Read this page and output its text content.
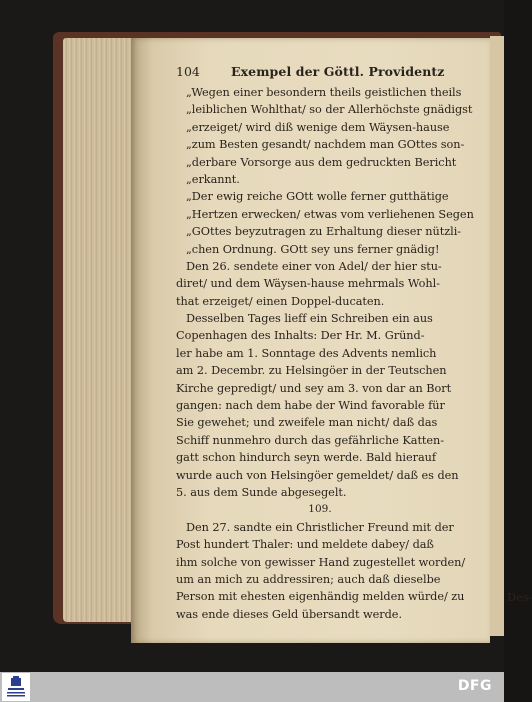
104 Exempel der Göttl. Providentz
„Wegen einer besondern theils geistlichen theils
„leiblichen Wohlthat/ so der Allerhöchste gnädigst
„erzeiget/ wird diß wenige dem Wäysen-hause
„zum Besten gesandt/ nachdem man GOttes son-
„derbare Vorsorge aus dem gedruckten Bericht
„erkannt.
„Der ewig reiche GOtt wolle ferner gutthätige
„Hertzen erwecken/ etwas vom verliehenen Segen
„GOttes beyzutragen zu Erhaltung dieser nützli-
„chen Ordnung. GOtt sey uns ferner gnädig!
Den 26. sendete einer von Adel/ der hier stu-
diret/ und dem Wäysen-hause mehrmals Wohl-
that erzeiget/ einen Doppel-ducaten.
Desselben Tages lieff ein Schreiben ein aus
Copenhagen des Inhalts: Der Hr. M. Gründ-
ler habe am 1. Sonntage des Advents nemlich
am 2. Decembr. zu Helsingöer in der Teutschen
Kirche gepredigt/ und sey am 3. von dar an Bort
gangen: nach dem habe der Wind favorable für
Sie gewehet; und zweifele man nicht/ daß das
Schiff nunmehro durch das gefährliche Katten-
gatt schon hindurch seyn werde. Bald hierauf
wurde auch von Helsingöer gemeldet/ daß es den
5. aus dem Sunde abgesegelt.
109.
Den 27. sandte ein Christlicher Freund mit der
Post hundert Thaler: und meldete dabey/ daß
ihm solche von gewisser Hand zugestellet worden/
um an mich zu addressiren; auch daß dieselbe
Person mit ehesten eigenhändig melden würde/ zu
was ende dieses Geld übersandt werde.
Des-
DFG
